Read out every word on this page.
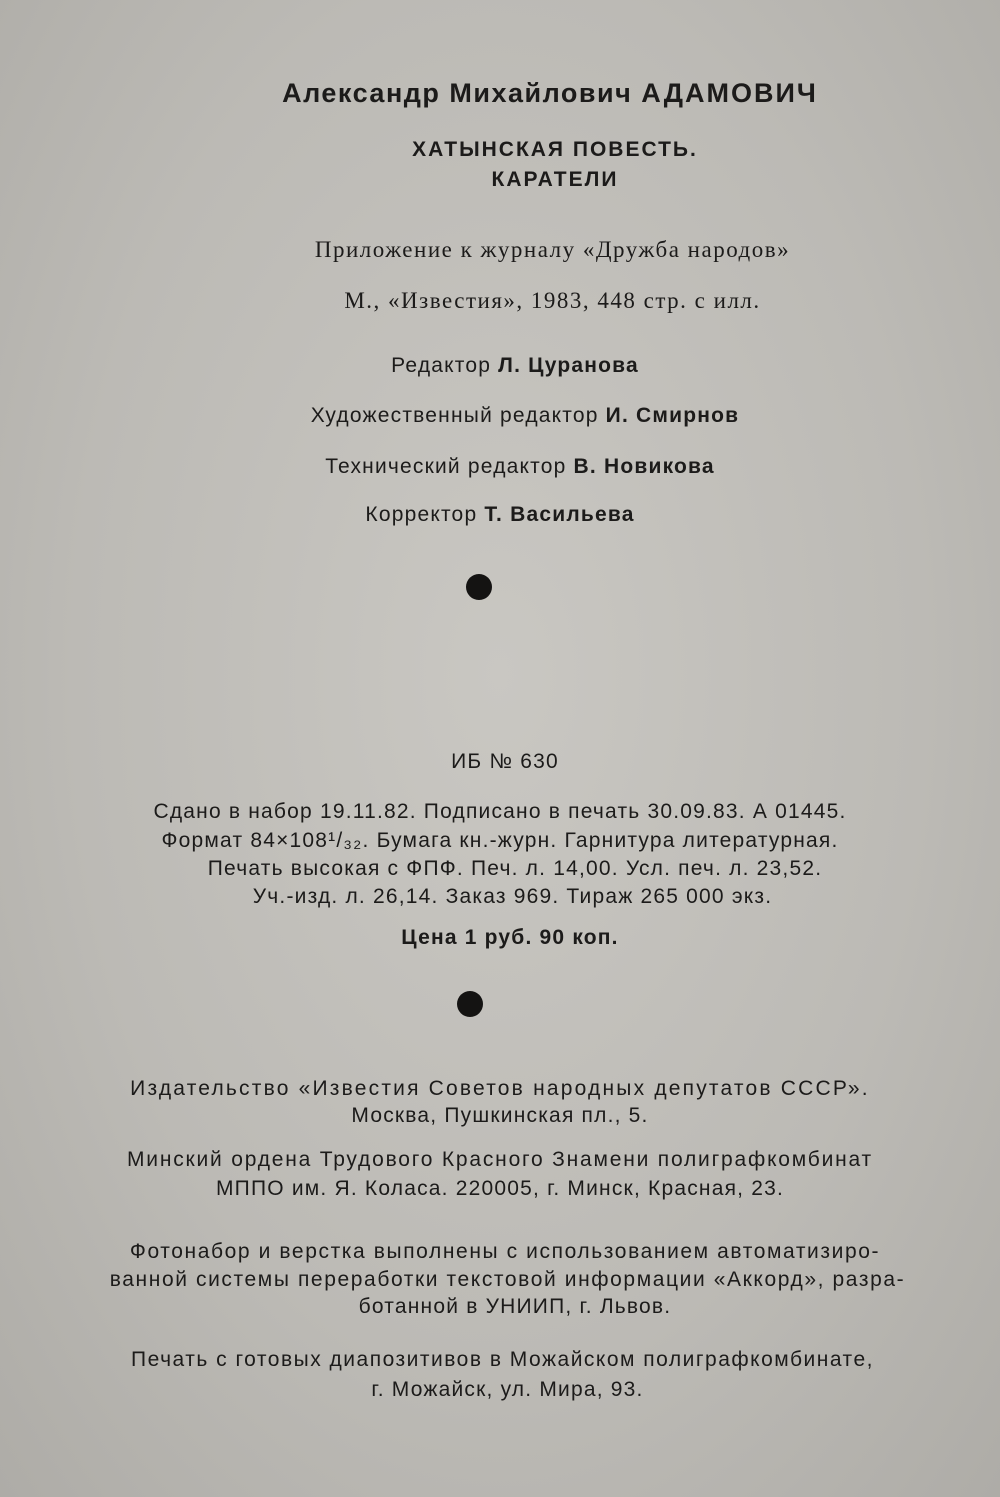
Александр Михайлович АДАМОВИЧ
ХАТЫНСКАЯ ПОВЕСТЬ.
КАРАТЕЛИ
Приложение к журналу «Дружба народов»
М., «Известия», 1983, 448 стр. с илл.
Редактор Л. Цуранова
Художественный редактор И. Смирнов
Технический редактор В. Новикова
Корректор Т. Васильева
ИБ № 630
Сдано в набор 19.11.82. Подписано в печать 30.09.83. А 01445.
Формат 84×108¹/₃₂. Бумага кн.-журн. Гарнитура литературная.
Печать высокая с ФПФ. Печ. л. 14,00. Усл. печ. л. 23,52.
Уч.-изд. л. 26,14. Заказ 969. Тираж 265 000 экз.
Цена 1 руб. 90 коп.
Издательство «Известия Советов народных депутатов СССР».
Москва, Пушкинская пл., 5.
Минский ордена Трудового Красного Знамени полиграфкомбинат
МППО им. Я. Коласа. 220005, г. Минск, Красная, 23.
Фотонабор и верстка выполнены с использованием автоматизиро-
ванной системы переработки текстовой информации «Аккорд», разра-
ботанной в УНИИП, г. Львов.
Печать с готовых диапозитивов в Можайском полиграфкомбинате,
г. Можайск, ул. Мира, 93.
